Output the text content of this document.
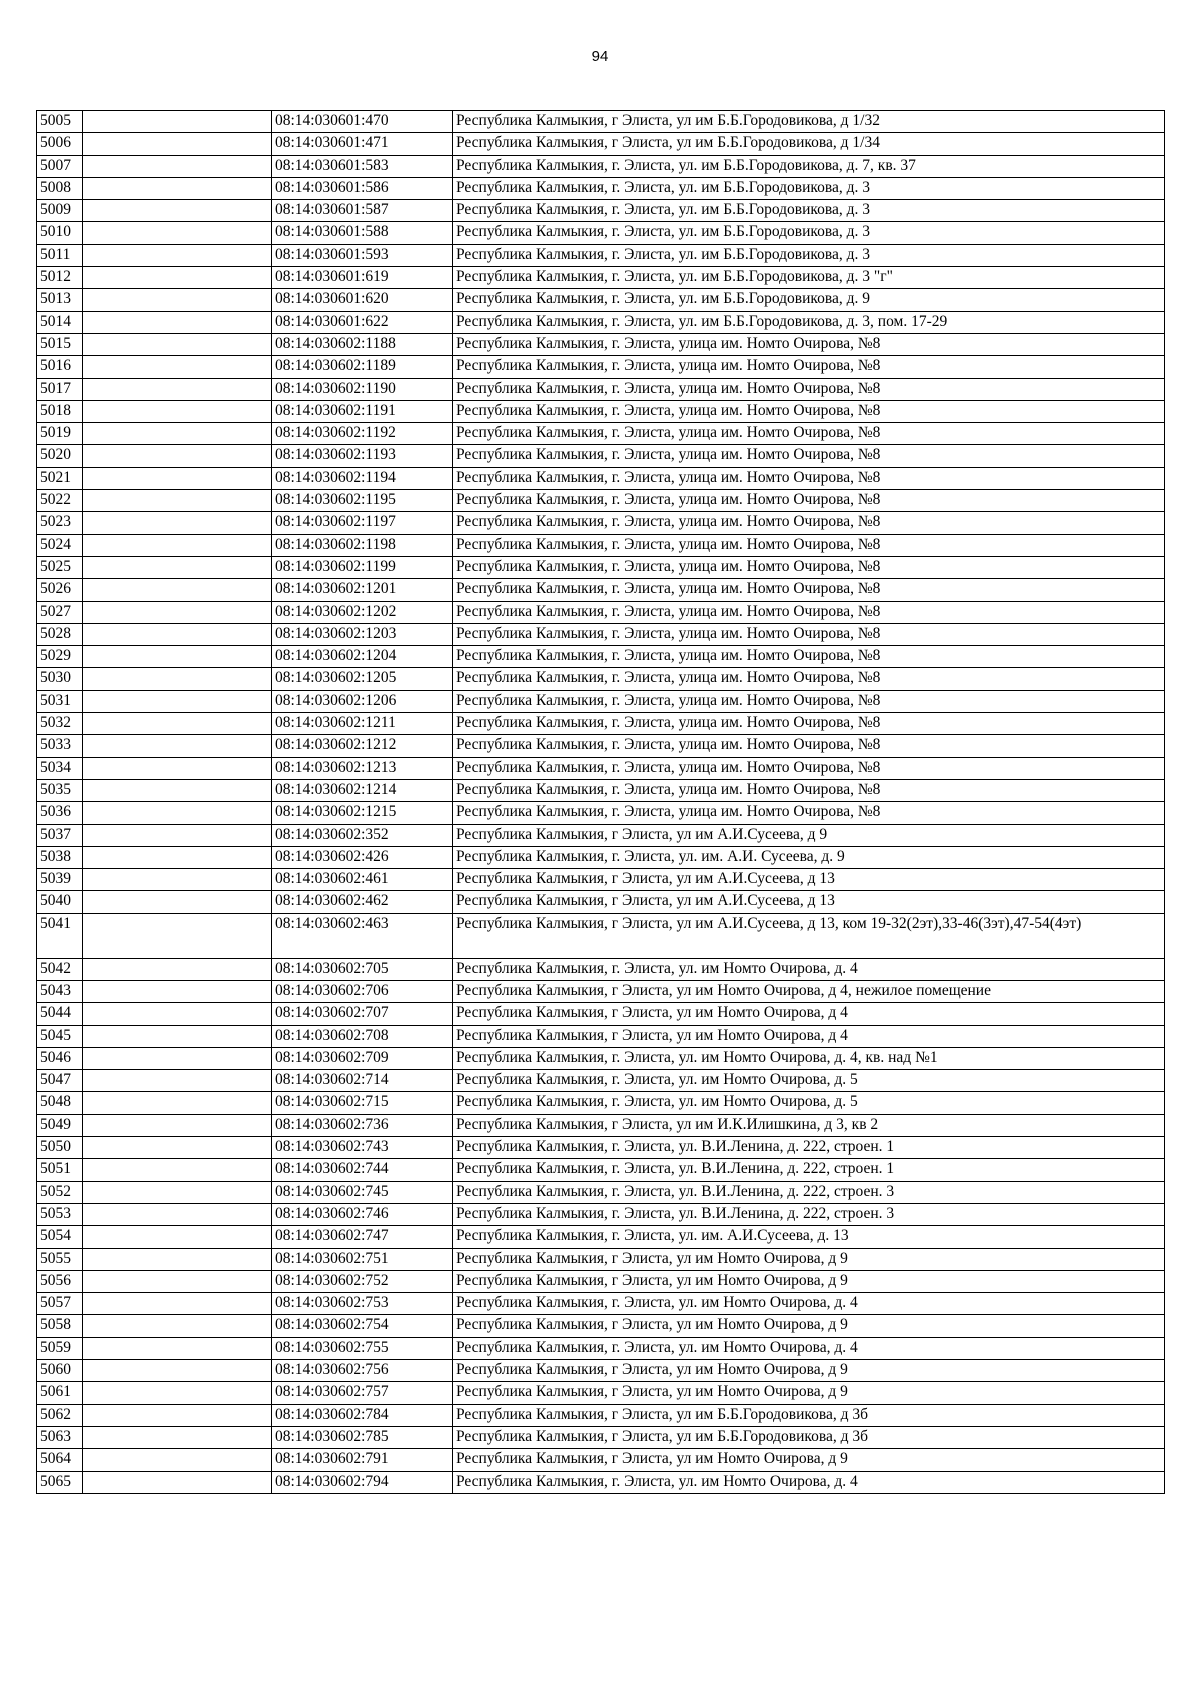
94
5005		08:14:030601:470	Республика Калмыкия, г Элиста, ул им Б.Б.Городовикова, д 1/32
5006		08:14:030601:471	Республика Калмыкия, г Элиста, ул им Б.Б.Городовикова, д 1/34
5007		08:14:030601:583	Республика Калмыкия, г. Элиста, ул. им Б.Б.Городовикова, д. 7, кв. 37
5008		08:14:030601:586	Республика Калмыкия, г. Элиста, ул. им Б.Б.Городовикова, д. 3
5009		08:14:030601:587	Республика Калмыкия, г. Элиста, ул. им Б.Б.Городовикова, д. 3
5010		08:14:030601:588	Республика Калмыкия, г. Элиста, ул. им Б.Б.Городовикова, д. 3
5011		08:14:030601:593	Республика Калмыкия, г. Элиста, ул. им Б.Б.Городовикова, д. 3
5012		08:14:030601:619	Республика Калмыкия, г. Элиста, ул. им Б.Б.Городовикова, д. 3 "г"
5013		08:14:030601:620	Республика Калмыкия, г. Элиста, ул. им Б.Б.Городовикова, д. 9
5014		08:14:030601:622	Республика Калмыкия, г. Элиста, ул. им Б.Б.Городовикова, д. 3, пом. 17-29
5015		08:14:030602:1188	Республика Калмыкия, г. Элиста, улица им. Номто Очирова, №8
5016		08:14:030602:1189	Республика Калмыкия, г. Элиста, улица им. Номто Очирова, №8
5017		08:14:030602:1190	Республика Калмыкия, г. Элиста, улица им. Номто Очирова, №8
5018		08:14:030602:1191	Республика Калмыкия, г. Элиста, улица им. Номто Очирова, №8
5019		08:14:030602:1192	Республика Калмыкия, г. Элиста, улица им. Номто Очирова, №8
5020		08:14:030602:1193	Республика Калмыкия, г. Элиста, улица им. Номто Очирова, №8
5021		08:14:030602:1194	Республика Калмыкия, г. Элиста, улица им. Номто Очирова, №8
5022		08:14:030602:1195	Республика Калмыкия, г. Элиста, улица им. Номто Очирова, №8
5023		08:14:030602:1197	Республика Калмыкия, г. Элиста, улица им. Номто Очирова, №8
5024		08:14:030602:1198	Республика Калмыкия, г. Элиста, улица им. Номто Очирова, №8
5025		08:14:030602:1199	Республика Калмыкия, г. Элиста, улица им. Номто Очирова, №8
5026		08:14:030602:1201	Республика Калмыкия, г. Элиста, улица им. Номто Очирова, №8
5027		08:14:030602:1202	Республика Калмыкия, г. Элиста, улица им. Номто Очирова, №8
5028		08:14:030602:1203	Республика Калмыкия, г. Элиста, улица им. Номто Очирова, №8
5029		08:14:030602:1204	Республика Калмыкия, г. Элиста, улица им. Номто Очирова, №8
5030		08:14:030602:1205	Республика Калмыкия, г. Элиста, улица им. Номто Очирова, №8
5031		08:14:030602:1206	Республика Калмыкия, г. Элиста, улица им. Номто Очирова, №8
5032		08:14:030602:1211	Республика Калмыкия, г. Элиста, улица им. Номто Очирова, №8
5033		08:14:030602:1212	Республика Калмыкия, г. Элиста, улица им. Номто Очирова, №8
5034		08:14:030602:1213	Республика Калмыкия, г. Элиста, улица им. Номто Очирова, №8
5035		08:14:030602:1214	Республика Калмыкия, г. Элиста, улица им. Номто Очирова, №8
5036		08:14:030602:1215	Республика Калмыкия, г. Элиста, улица им. Номто Очирова, №8
5037		08:14:030602:352	Республика Калмыкия, г Элиста, ул им А.И.Сусеева, д 9
5038		08:14:030602:426	Республика Калмыкия, г. Элиста, ул. им. А.И. Сусеева, д. 9
5039		08:14:030602:461	Республика Калмыкия, г Элиста, ул им А.И.Сусеева, д 13
5040		08:14:030602:462	Республика Калмыкия, г Элиста, ул им А.И.Сусеева, д 13
5041		08:14:030602:463	Республика Калмыкия, г Элиста, ул им А.И.Сусеева, д 13, ком 19-32(2эт),33-46(3эт),47-54(4эт)
5042		08:14:030602:705	Республика Калмыкия, г. Элиста, ул. им Номто Очирова, д. 4
5043		08:14:030602:706	Республика Калмыкия, г Элиста, ул им Номто Очирова, д 4, нежилое помещение
5044		08:14:030602:707	Республика Калмыкия, г Элиста, ул им Номто Очирова, д 4
5045		08:14:030602:708	Республика Калмыкия, г Элиста, ул им Номто Очирова, д 4
5046		08:14:030602:709	Республика Калмыкия, г. Элиста, ул. им Номто Очирова, д. 4, кв. над №1
5047		08:14:030602:714	Республика Калмыкия, г. Элиста, ул. им Номто Очирова, д. 5
5048		08:14:030602:715	Республика Калмыкия, г. Элиста, ул. им Номто Очирова, д. 5
5049		08:14:030602:736	Республика Калмыкия, г Элиста, ул им И.К.Илишкина, д 3, кв 2
5050		08:14:030602:743	Республика Калмыкия, г. Элиста, ул. В.И.Ленина, д. 222, строен. 1
5051		08:14:030602:744	Республика Калмыкия, г. Элиста, ул. В.И.Ленина, д. 222, строен. 1
5052		08:14:030602:745	Республика Калмыкия, г. Элиста, ул. В.И.Ленина, д. 222, строен. 3
5053		08:14:030602:746	Республика Калмыкия, г. Элиста, ул. В.И.Ленина, д. 222, строен. 3
5054		08:14:030602:747	Республика Калмыкия, г. Элиста, ул. им. А.И.Сусеева, д. 13
5055		08:14:030602:751	Республика Калмыкия, г Элиста, ул им Номто Очирова, д 9
5056		08:14:030602:752	Республика Калмыкия, г Элиста, ул им Номто Очирова, д 9
5057		08:14:030602:753	Республика Калмыкия, г. Элиста, ул. им Номто Очирова, д. 4
5058		08:14:030602:754	Республика Калмыкия, г Элиста, ул им Номто Очирова, д 9
5059		08:14:030602:755	Республика Калмыкия, г. Элиста, ул. им Номто Очирова, д. 4
5060		08:14:030602:756	Республика Калмыкия, г Элиста, ул им Номто Очирова, д 9
5061		08:14:030602:757	Республика Калмыкия, г Элиста, ул им Номто Очирова, д 9
5062		08:14:030602:784	Республика Калмыкия, г Элиста, ул им Б.Б.Городовикова, д 3б
5063		08:14:030602:785	Республика Калмыкия, г Элиста, ул им Б.Б.Городовикова, д 3б
5064		08:14:030602:791	Республика Калмыкия, г Элиста, ул им Номто Очирова, д 9
5065		08:14:030602:794	Республика Калмыкия, г. Элиста, ул. им Номто Очирова, д. 4
